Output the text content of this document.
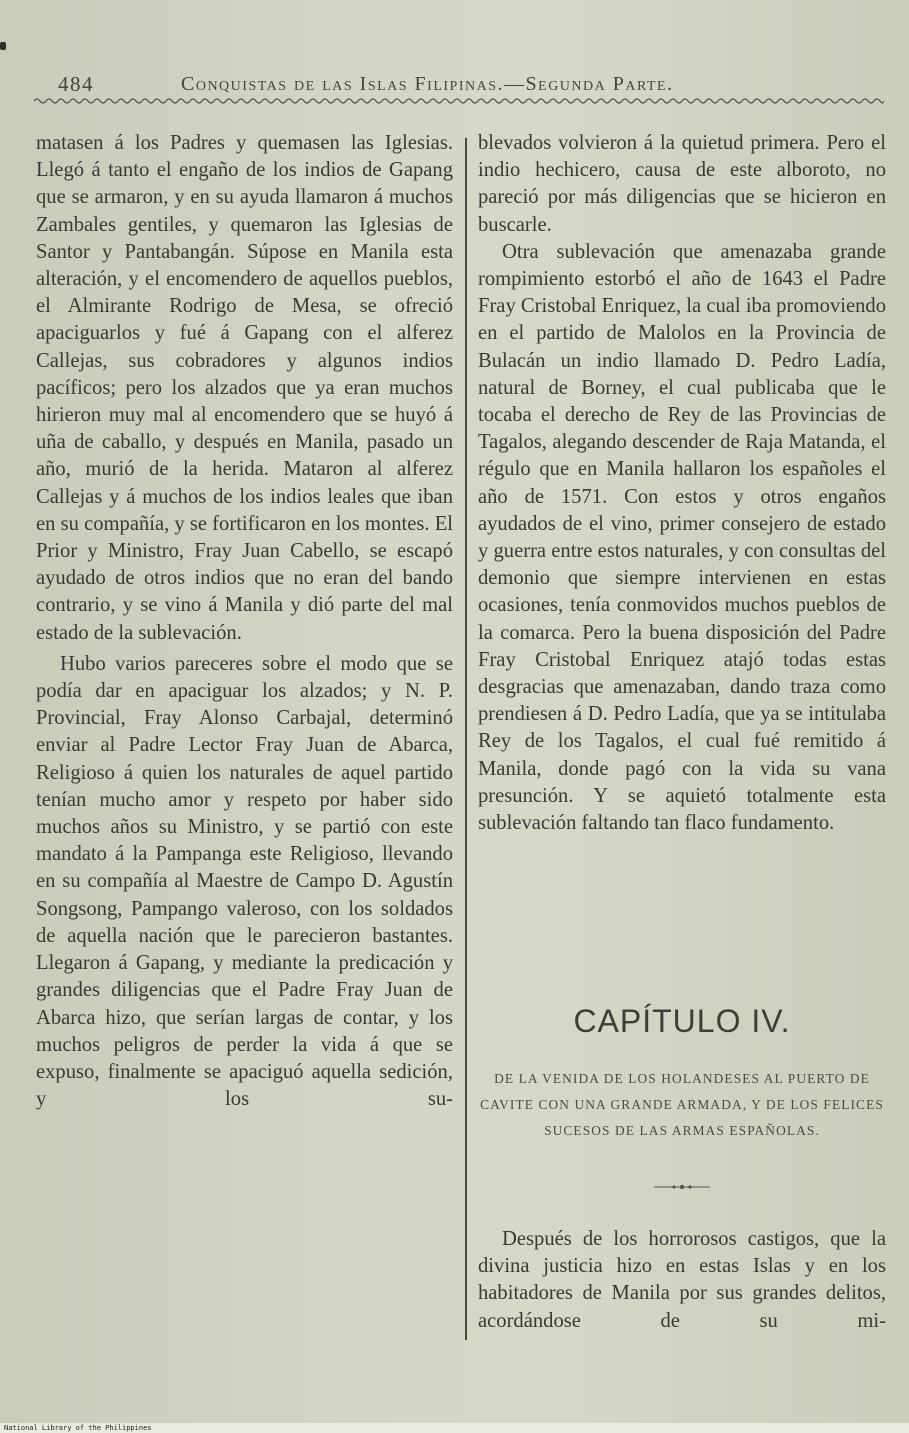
484	Conquistas de las Islas Filipinas.—Segunda Parte.

matasen á los Padres y quemasen las Iglesias. Llegó á tanto el engaño de los indios de Gapang que se armaron, y en su ayuda llamaron á muchos Zambales gentiles, y quemaron las Iglesias de Santor y Pantabangán. Súpose en Manila esta alteración, y el encomendero de aquellos pueblos, el Almirante Rodrigo de Mesa, se ofreció apaciguarlos y fué á Gapang con el alferez Callejas, sus cobradores y algunos indios pacíficos; pero los alzados que ya eran muchos hirieron muy mal al encomendero que se huyó á uña de caballo, y después en Manila, pasado un año, murió de la herida. Mataron al alferez Callejas y á muchos de los indios leales que iban en su compañía, y se fortificaron en los montes. El Prior y Ministro, Fray Juan Cabello, se escapó ayudado de otros indios que no eran del bando contrario, y se vino á Manila y dió parte del mal estado de la sublevación.

Hubo varios pareceres sobre el modo que se podía dar en apaciguar los alzados; y N. P. Provincial, Fray Alonso Carbajal, determinó enviar al Padre Lector Fray Juan de Abarca, Religioso á quien los naturales de aquel partido tenían mucho amor y respeto por haber sido muchos años su Ministro, y se partió con este mandato á la Pampanga este Religioso, llevando en su compañía al Maestre de Campo D. Agustín Songsong, Pampango valeroso, con los soldados de aquella nación que le parecieron bastantes. Llegaron á Gapang, y mediante la predicación y grandes diligencias que el Padre Fray Juan de Abarca hizo, que serían largas de contar, y los muchos peligros de perder la vida á que se expuso, finalmente se apaciguó aquella sedición, y los su-

blevados volvieron á la quietud primera. Pero el indio hechicero, causa de este alboroto, no pareció por más diligencias que se hicieron en buscarle.

Otra sublevación que amenazaba grande rompimiento estorbó el año de 1643 el Padre Fray Cristobal Enriquez, la cual iba promoviendo en el partido de Malolos en la Provincia de Bulacán un indio llamado D. Pedro Ladía, natural de Borney, el cual publicaba que le tocaba el derecho de Rey de las Provincias de Tagalos, alegando descender de Raja Matanda, el régulo que en Manila hallaron los españoles el año de 1571. Con estos y otros engaños ayudados de el vino, primer consejero de estado y guerra entre estos naturales, y con consultas del demonio que siempre intervienen en estas ocasiones, tenía conmovidos muchos pueblos de la comarca. Pero la buena disposición del Padre Fray Cristobal Enriquez atajó todas estas desgracias que amenazaban, dando traza como prendiesen á D. Pedro Ladía, que ya se intitulaba Rey de los Tagalos, el cual fué remitido á Manila, donde pagó con la vida su vana presunción. Y se aquietó totalmente esta sublevación faltando tan flaco fundamento.

CAPÍTULO IV.
DE LA VENIDA DE LOS HOLANDESES AL PUERTO DE CAVITE CON UNA GRANDE ARMADA, Y DE LOS FELICES SUCESOS DE LAS ARMAS ESPAÑOLAS.

Después de los horrorosos castigos, que la divina justicia hizo en estas Islas y en los habitadores de Manila por sus grandes delitos, acordándose de su mi-

National Library of the Philippines
